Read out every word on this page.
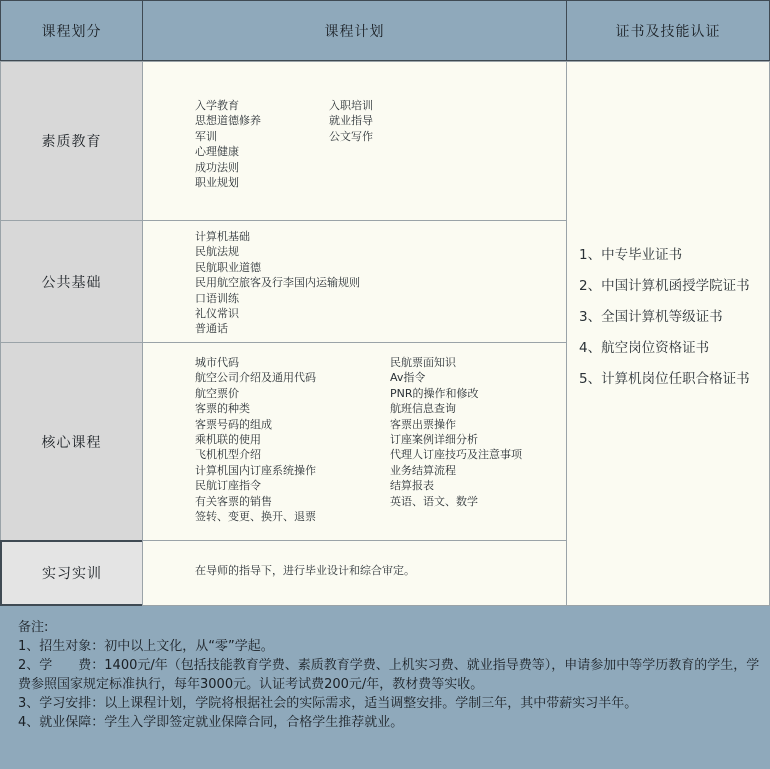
课程划分	课程计划	证书及技能认证
素质教育
公共基础
核心课程
实习实训
入学教育
思想道德修养
军训
心理健康
成功法则
职业规划
入职培训
就业指导
公文写作
计算机基础
民航法规
民航职业道德
民用航空旅客及行李国内运输规则
口语训练
礼仪常识
普通话
城市代码
航空公司介绍及通用代码
航空票价
客票的种类
客票号码的组成
乘机联的使用
飞机机型介绍
计算机国内订座系统操作
民航订座指令
有关客票的销售
签转、变更、换开、退票
民航票面知识
Av指令
PNR的操作和修改
航班信息查询
客票出票操作
订座案例详细分析
代理人订座技巧及注意事项
业务结算流程
结算报表
英语、语文、数学
在导师的指导下，进行毕业设计和综合审定。
1、中专毕业证书
2、中国计算机函授学院证书
3、全国计算机等级证书
4、航空岗位资格证书
5、计算机岗位任职合格证书

备注:

1、招生对象：初中以上文化，从“零”学起。

2、学　　费：1400元/年（包括技能教育学费、素质教育学费、上机实习费、就业指导费等），申请参加中等学历教育的学生，学费参照国家规定标准执行，每年3000元。认证考试费200元/年，教材费等实收。

3、学习安排：以上课程计划，学院将根据社会的实际需求，适当调整安排。学制三年，其中带薪实习半年。

4、就业保障：学生入学即签定就业保障合同，合格学生推荐就业。
